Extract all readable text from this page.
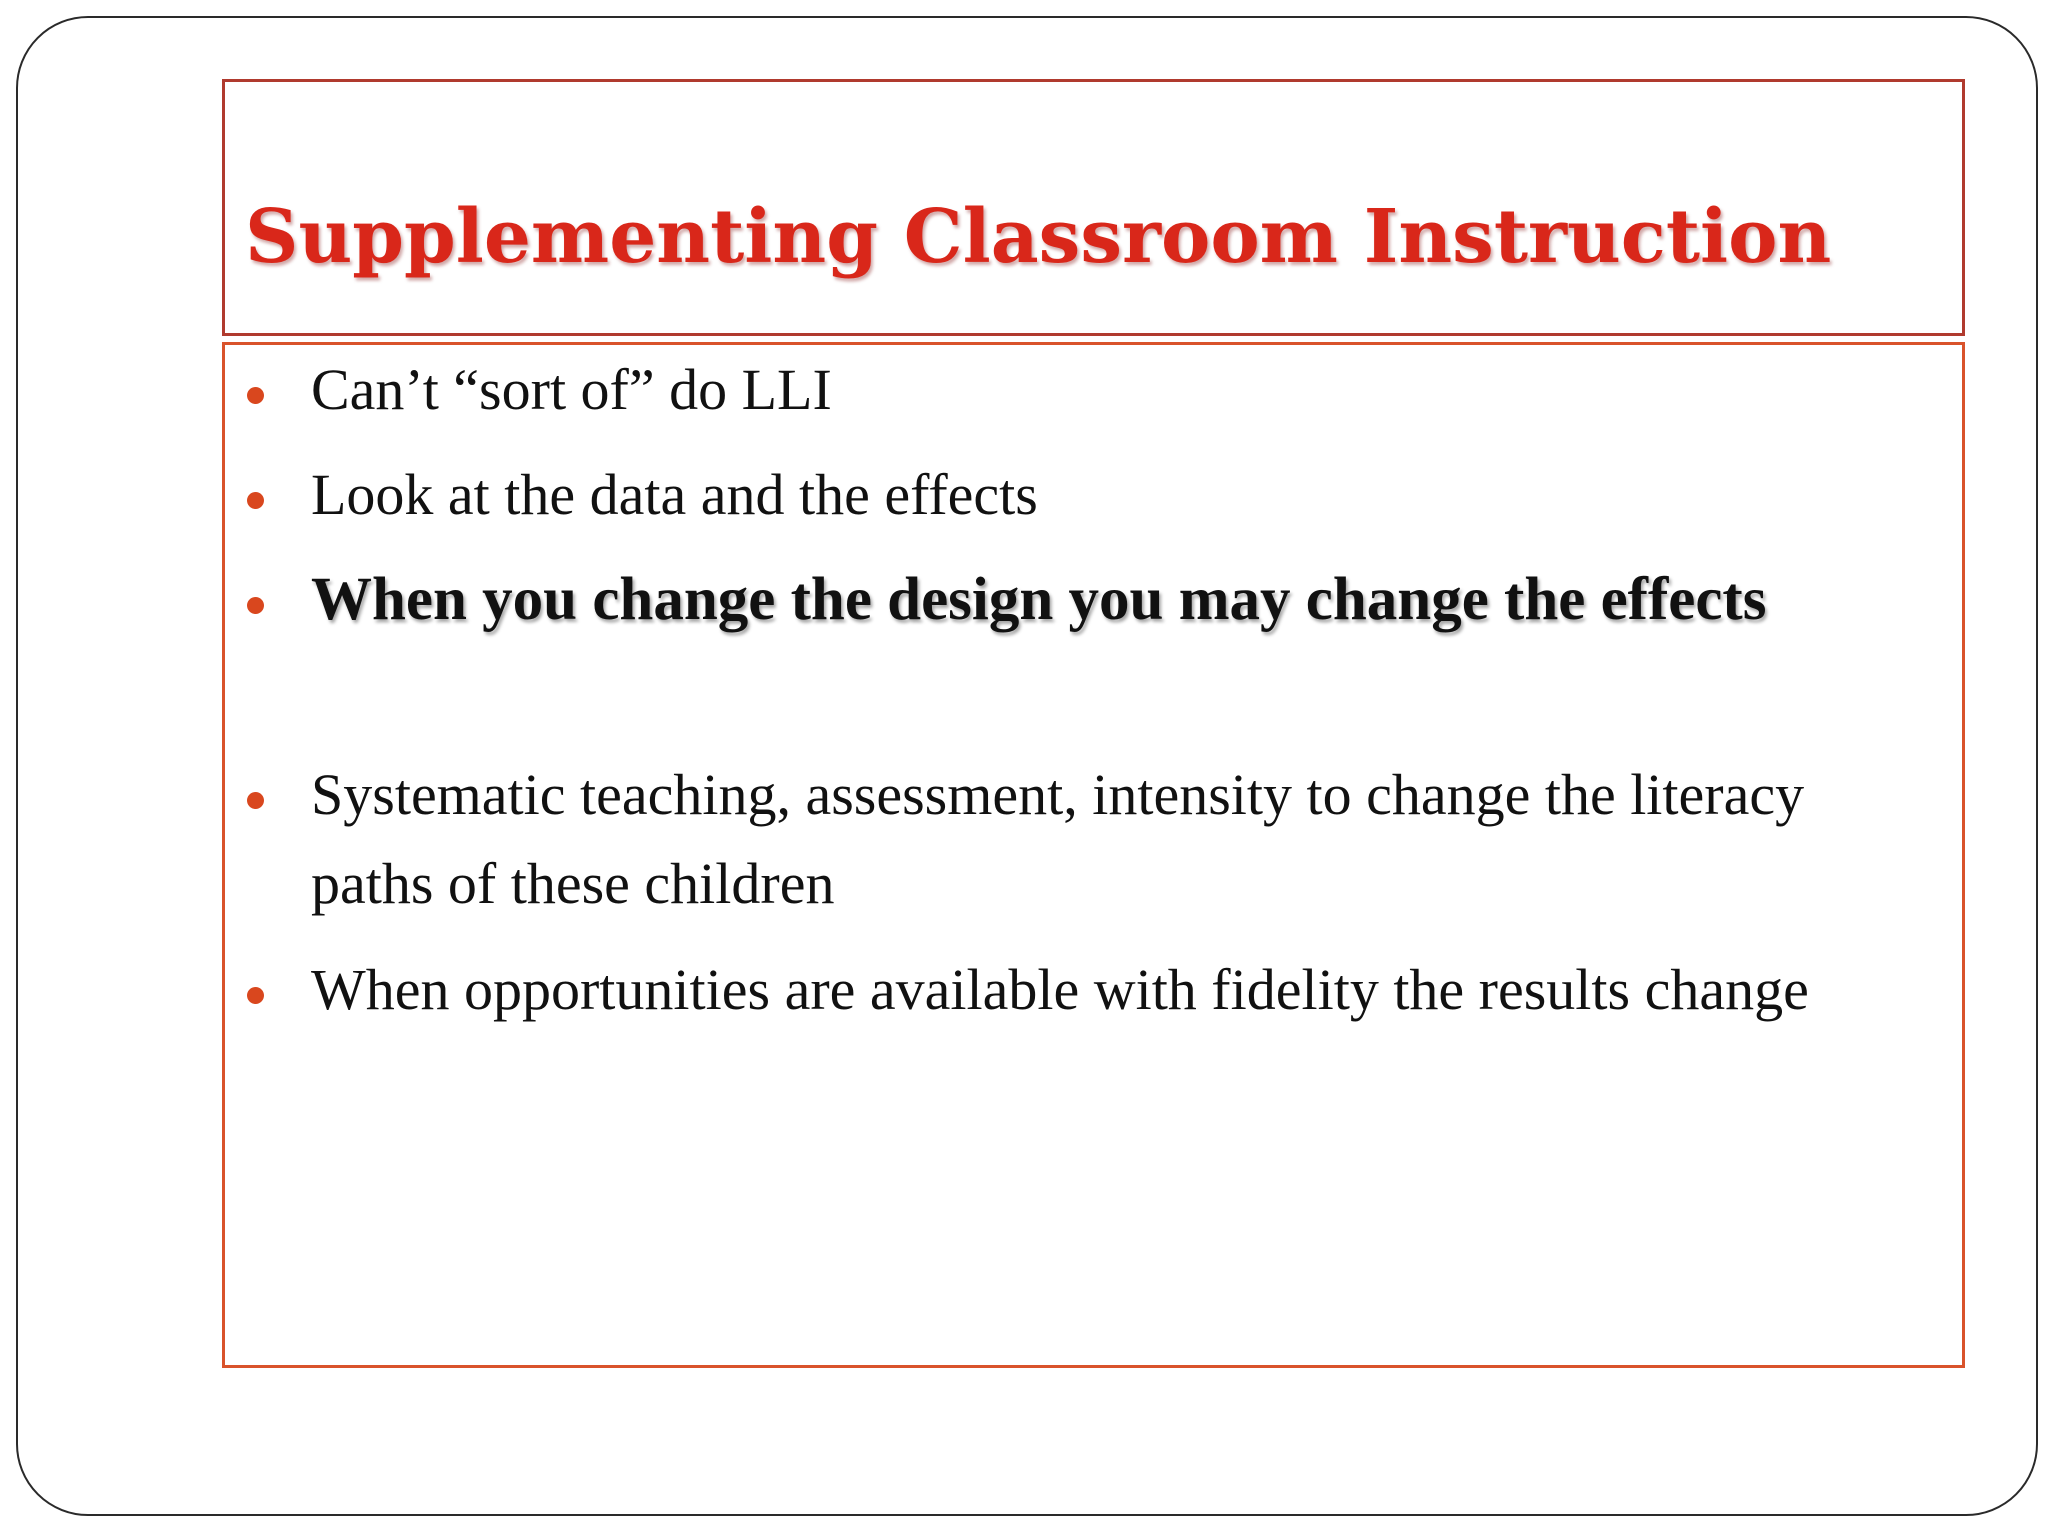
Supplementing Classroom Instruction
Can’t “sort of” do LLI
Look at the data and the effects
When you change the design you may change the effects
Systematic teaching, assessment, intensity to change the literacy paths of these children
When opportunities are available with fidelity the results change
